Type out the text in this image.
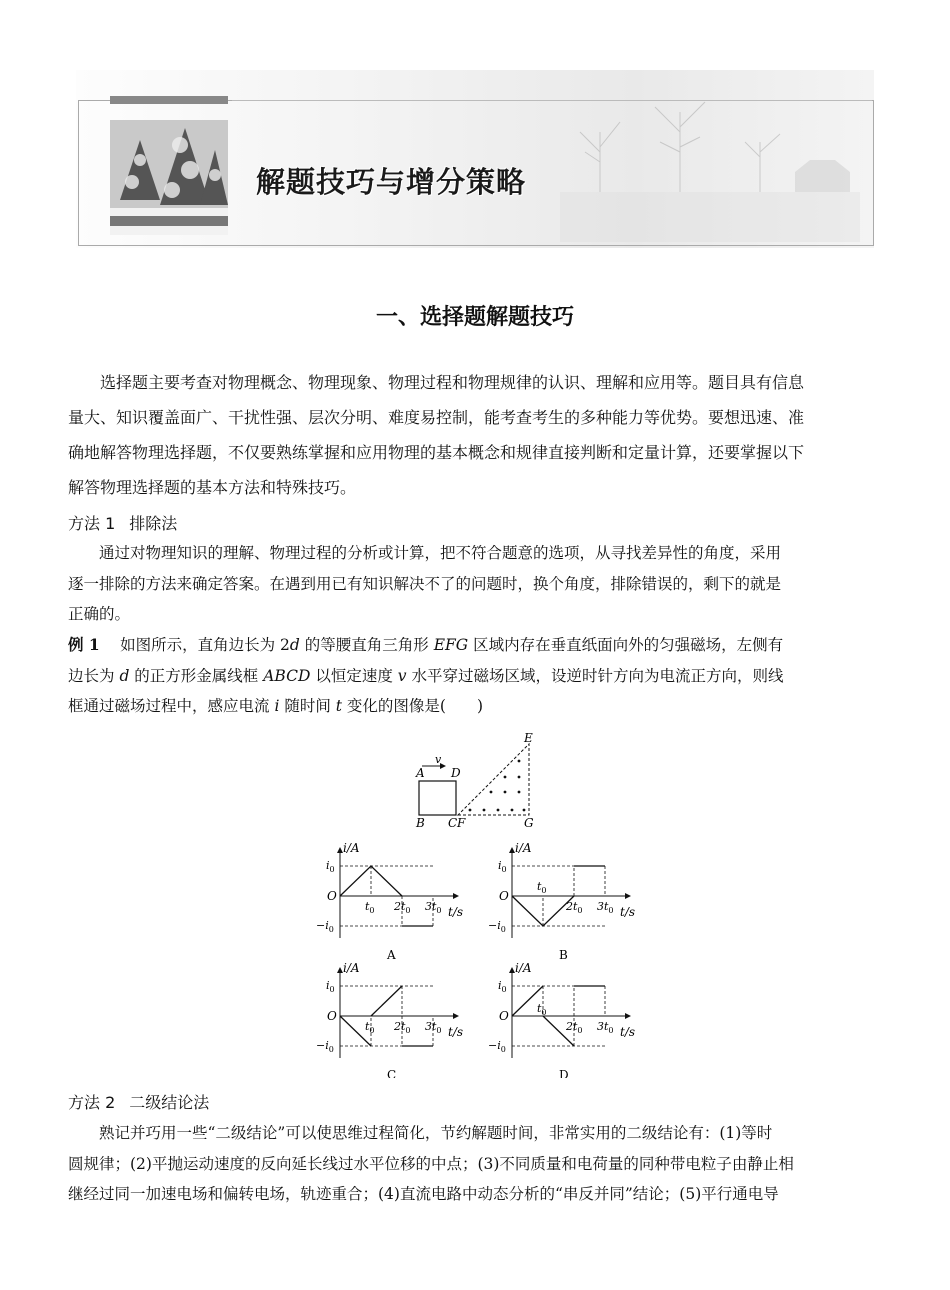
解题技巧与增分策略
一、选择题解题技巧
选择题主要考查对物理概念、物理现象、物理过程和物理规律的认识、理解和应用等。题目具有信息
量大、知识覆盖面广、干扰性强、层次分明、难度易控制，能考查考生的多种能力等优势。要想迅速、准
确地解答物理选择题，不仅要熟练掌握和应用物理的基本概念和规律直接判断和定量计算，还要掌握以下
解答物理选择题的基本方法和特殊技巧。
方法 1 排除法
通过对物理知识的理解、物理过程的分析或计算，把不符合题意的选项，从寻找差异性的角度，采用
逐一排除的方法来确定答案。在遇到用已有知识解决不了的问题时，换个角度，排除错误的，剩下的就是
正确的。
例 1　 如图所示，直角边长为 2d 的等腰直角三角形 EFG 区域内存在垂直纸面向外的匀强磁场，左侧有
边长为 d 的正方形金属线框 ABCD 以恒定速度 v 水平穿过磁场区域，设逆时针方向为电流正方向，则线
框通过磁场过程中，感应电流 i 随时间 t 变化的图像是(　　)
v
A D
B C F
E
G
i/A
t/s
O
$i_0$
$-i_0$
$t_0$ $2t_0$ $3t_0$
A
i/A
t/s
O
$i_0$
$-i_0$
$t_0$
$2t_0$ $3t_0$
B
i/A
t/s
O
$i_0$
$-i_0$
$t_0$ $2t_0$ $3t_0$
C
i/A
t/s
O
$i_0$
$-i_0$
$t_0$
$2t_0$ $3t_0$
D
方法 2 二级结论法
熟记并巧用一些“二级结论”可以使思维过程简化，节约解题时间，非常实用的二级结论有：(1)等时
圆规律；(2)平抛运动速度的反向延长线过水平位移的中点；(3)不同质量和电荷量的同种带电粒子由静止相
继经过同一加速电场和偏转电场，轨迹重合；(4)直流电路中动态分析的“串反并同”结论；(5)平行通电导
